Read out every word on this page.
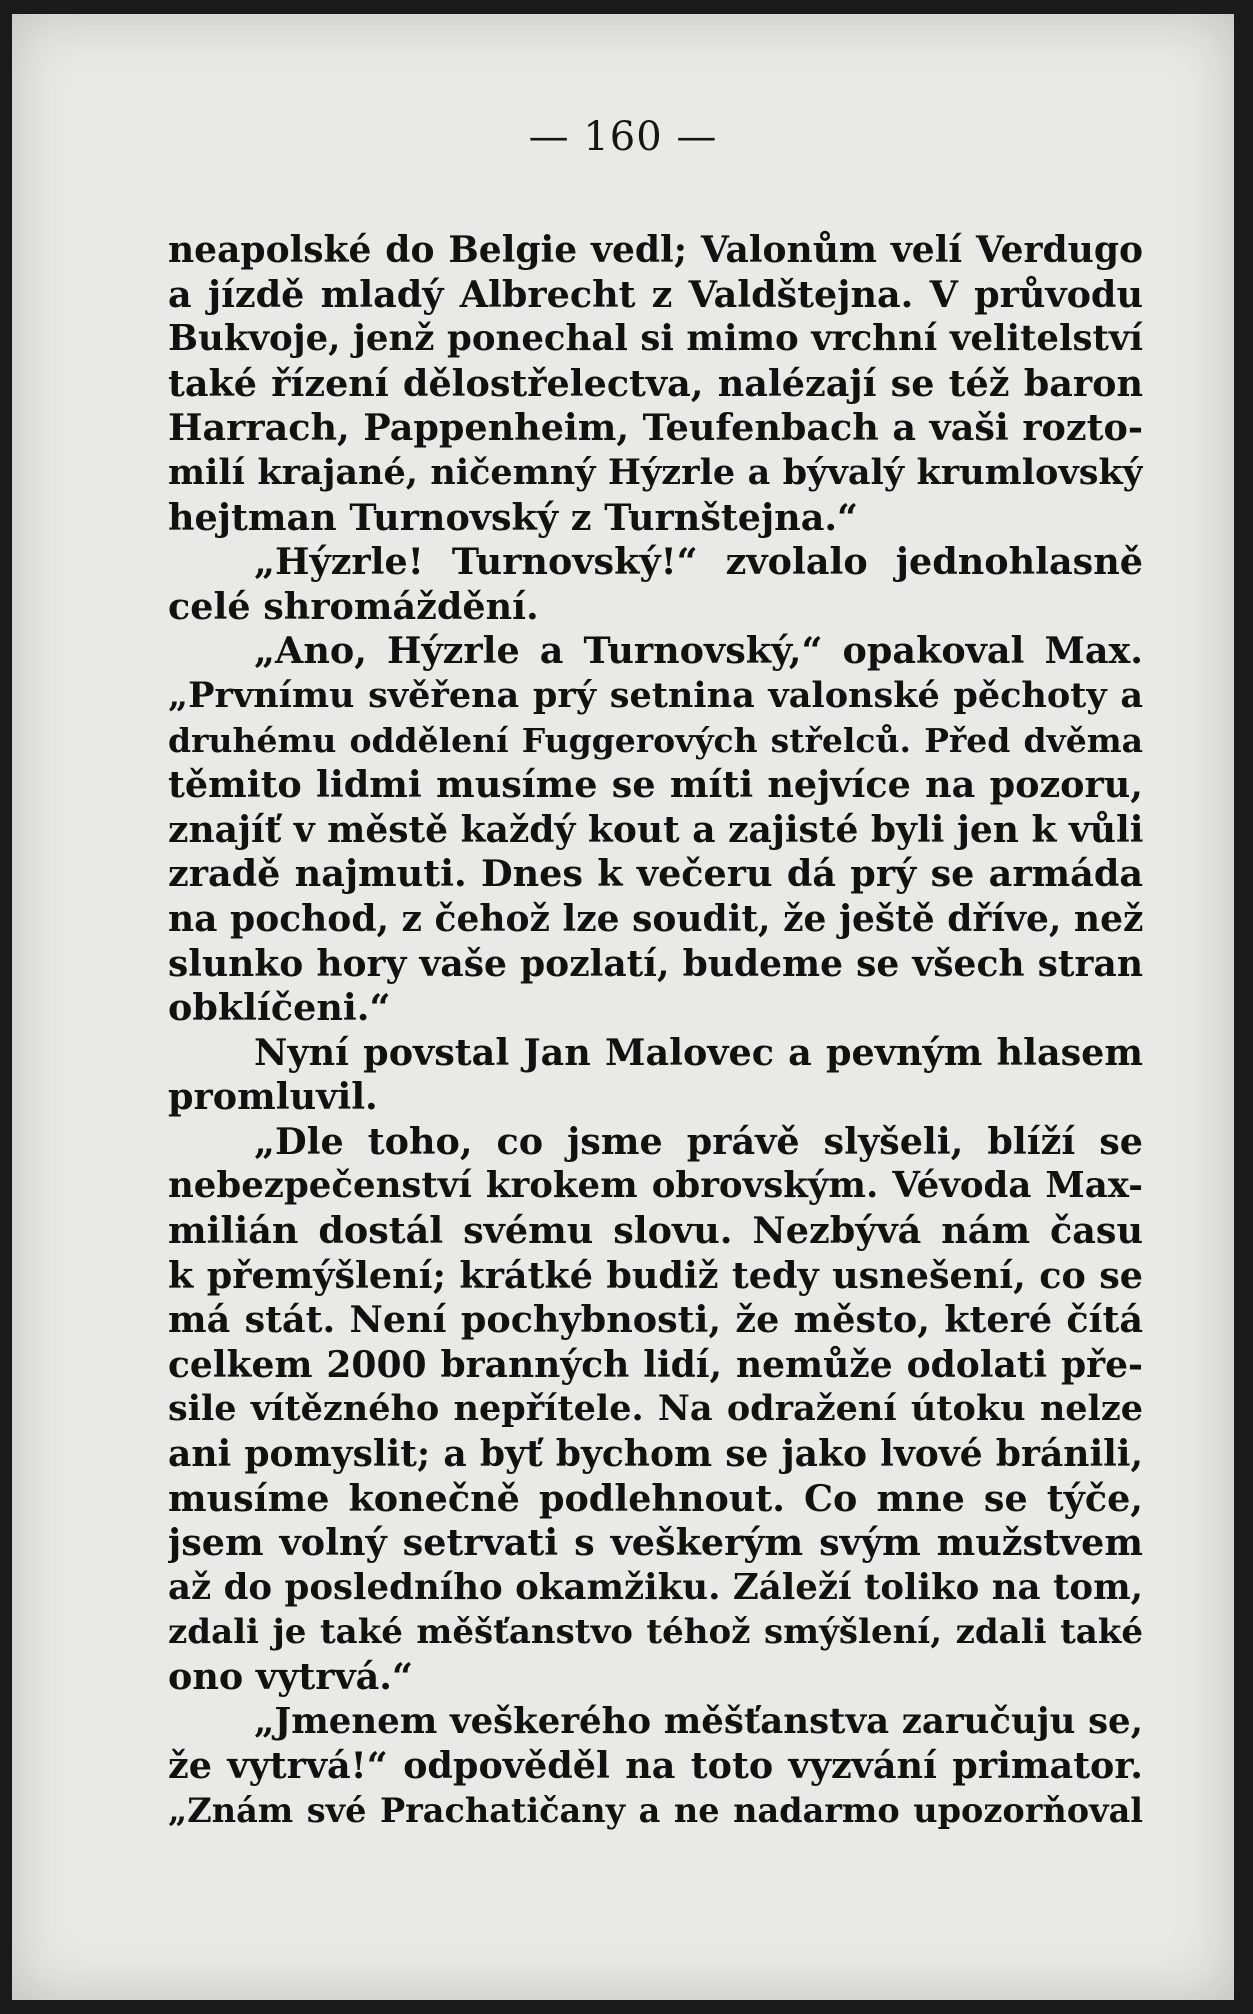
— 160 —
neapolské do Belgie vedl; Valonům velí Verdugo
a jízdě mladý Albrecht z Valdštejna. V průvodu
Bukvoje, jenž ponechal si mimo vrchní velitelství
také řízení dělostřelectva, nalézají se též baron
Harrach, Pappenheim, Teufenbach a vaši rozto-
milí krajané, ničemný Hýzrle a bývalý krumlovský
hejtman Turnovský z Turnštejna.“
„Hýzrle! Turnovský!“ zvolalo jednohlasně
celé shromáždění.
„Ano, Hýzrle a Turnovský,“ opakoval Max.
„Prvnímu svěřena prý setnina valonské pěchoty a
druhému oddělení Fuggerových střelců. Před dvěma
těmito lidmi musíme se míti nejvíce na pozoru,
znajíť v městě každý kout a zajisté byli jen k vůli
zradě najmuti. Dnes k večeru dá prý se armáda
na pochod, z čehož lze soudit, že ještě dříve, než
slunko hory vaše pozlatí, budeme se všech stran
obklíčeni.“
Nyní povstal Jan Malovec a pevným hlasem
promluvil.
„Dle toho, co jsme právě slyšeli, blíží se
nebezpečenství krokem obrovským. Vévoda Max-
milián dostál svému slovu. Nezbývá nám času
k přemýšlení; krátké budiž tedy usnešení, co se
má stát. Není pochybnosti, že město, které čítá
celkem 2000 branných lidí, nemůže odolati pře-
sile vítězného nepřítele. Na odražení útoku nelze
ani pomyslit; a byť bychom se jako lvové bránili,
musíme konečně podlehnout. Co mne se týče,
jsem volný setrvati s veškerým svým mužstvem
až do posledního okamžiku. Záleží toliko na tom,
zdali je také měšťanstvo téhož smýšlení, zdali také
ono vytrvá.“
„Jmenem veškerého měšťanstva zaručuju se,
že vytrvá!“ odpověděl na toto vyzvání primator.
„Znám své Prachatičany a ne nadarmo upozorňoval
